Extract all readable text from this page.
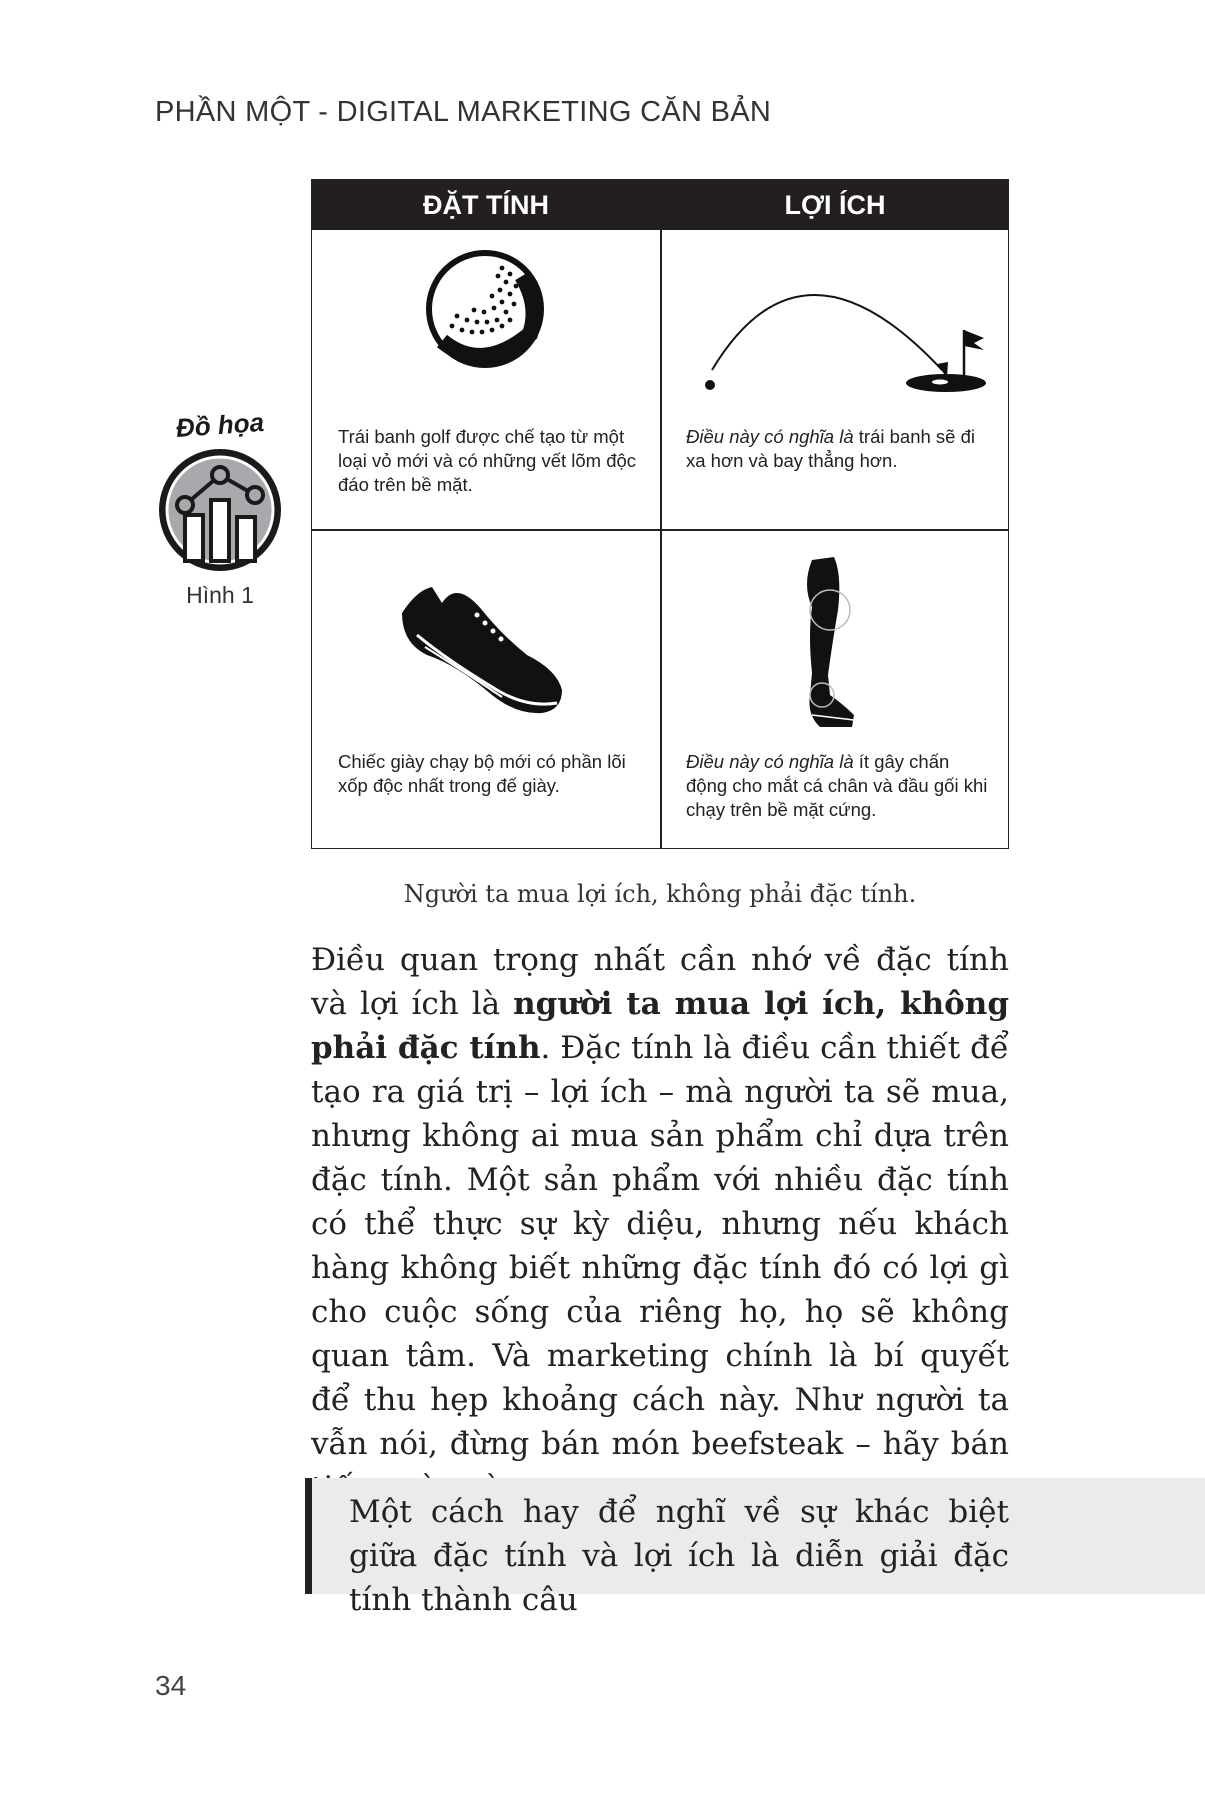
PHẦN MỘT - DIGITAL MARKETING CĂN BẢN
Đồ họa
Hình 1
ĐẶT TÍNH	LỢI ÍCH
Trái banh golf được chế tạo từ một loại vỏ mới và có những vết lõm độc đáo trên bề mặt.
Điều này có nghĩa là trái banh sẽ đi xa hơn và bay thẳng hơn.
Chiếc giày chạy bộ mới có phần lõi xốp độc nhất trong đế giày.
Điều này có nghĩa là ít gây chấn động cho mắt cá chân và đầu gối khi chạy trên bề mặt cứng.
Người ta mua lợi ích, không phải đặc tính.
Điều quan trọng nhất cần nhớ về đặc tính và lợi ích là người ta mua lợi ích, không phải đặc tính. Đặc tính là điều cần thiết để tạo ra giá trị – lợi ích – mà người ta sẽ mua, nhưng không ai mua sản phẩm chỉ dựa trên đặc tính. Một sản phẩm với nhiều đặc tính có thể thực sự kỳ diệu, nhưng nếu khách hàng không biết những đặc tính đó có lợi gì cho cuộc sống của riêng họ, họ sẽ không quan tâm. Và marketing chính là bí quyết để thu hẹp khoảng cách này. Như người ta vẫn nói, đừng bán món beefsteak – hãy bán
Một cách hay để nghĩ về sự khác biệt giữa đặc tính và lợi ích là diễn giải đặc tính thành câu
34
